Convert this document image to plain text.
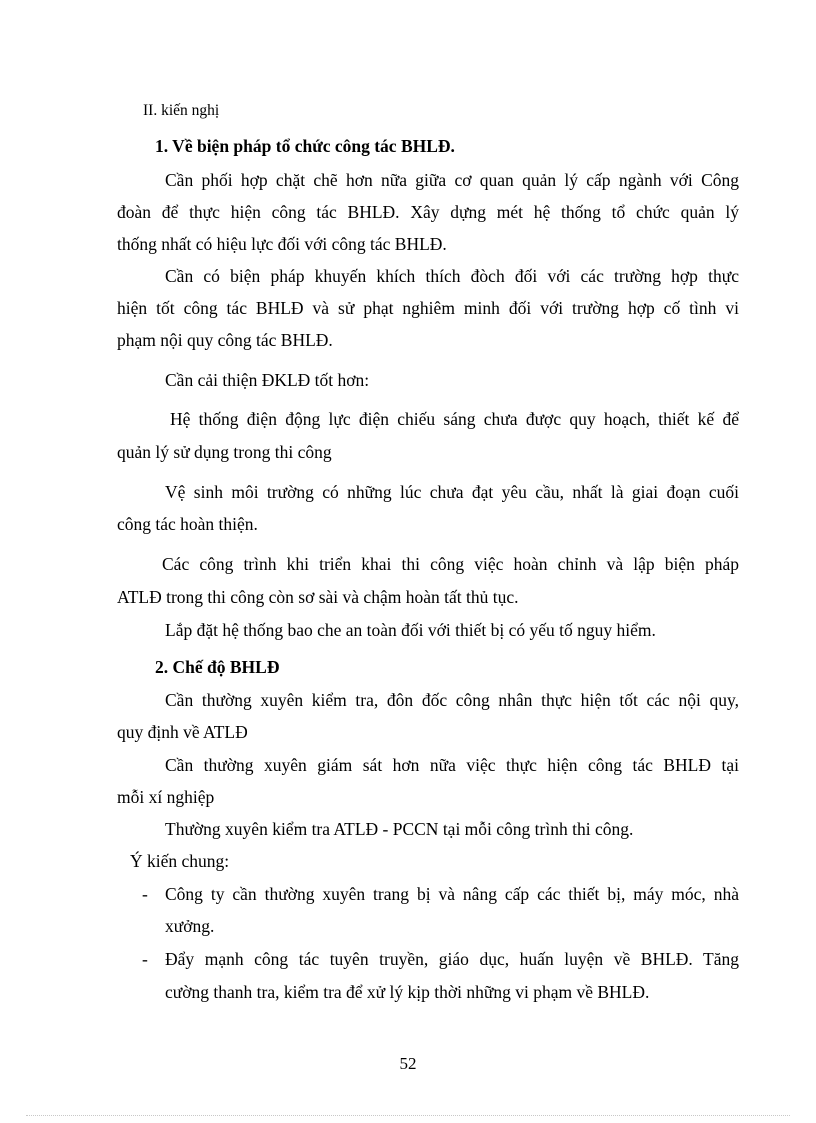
II. kiến nghị
1. Về biện pháp tổ chức công tác BHLĐ.
Cần phối hợp chặt chẽ hơn nữa giữa cơ quan quản lý cấp ngành với Công
đoàn để thực hiện công tác BHLĐ. Xây dựng mét hệ thống tổ chức quản lý
thống nhất có hiệu lực đối với công tác BHLĐ.
Cần có biện pháp khuyến khích thích đòch đối với các trường hợp thực
hiện tốt công tác BHLĐ và sử phạt nghiêm minh đối với trường hợp cố tình vi
phạm nội quy công tác BHLĐ.
Cần cải thiện ĐKLĐ tốt hơn:
Hệ thống điện động lực điện chiếu sáng chưa được quy hoạch, thiết kế để
quản lý sử dụng trong thi công
Vệ sinh môi trường có những lúc chưa đạt yêu cầu, nhất là giai đoạn cuối
công tác hoàn thiện.
Các công trình khi triển khai thi công việc hoàn chỉnh và lập biện pháp
ATLĐ trong thi công còn sơ sài và chậm hoàn tất thủ tục.
Lắp đặt hệ thống bao che an toàn đối với thiết bị có yếu tố nguy hiểm.
2. Chế độ BHLĐ
Cần thường xuyên kiểm tra, đôn đốc công nhân thực hiện tốt các nội quy,
quy định về ATLĐ
Cần thường xuyên giám sát hơn nữa việc thực hiện công tác BHLĐ tại
mỗi xí nghiệp
Thường xuyên kiểm tra ATLĐ - PCCN tại mỗi công trình thi công.
Ý kiến chung:
- Công ty cần thường xuyên trang bị và nâng cấp các thiết bị, máy móc, nhà
xưởng.
- Đẩy mạnh công tác tuyên truyền, giáo dục, huấn luyện về BHLĐ. Tăng
cường thanh tra, kiểm tra để xử lý kịp thời những vi phạm về BHLĐ.
52
